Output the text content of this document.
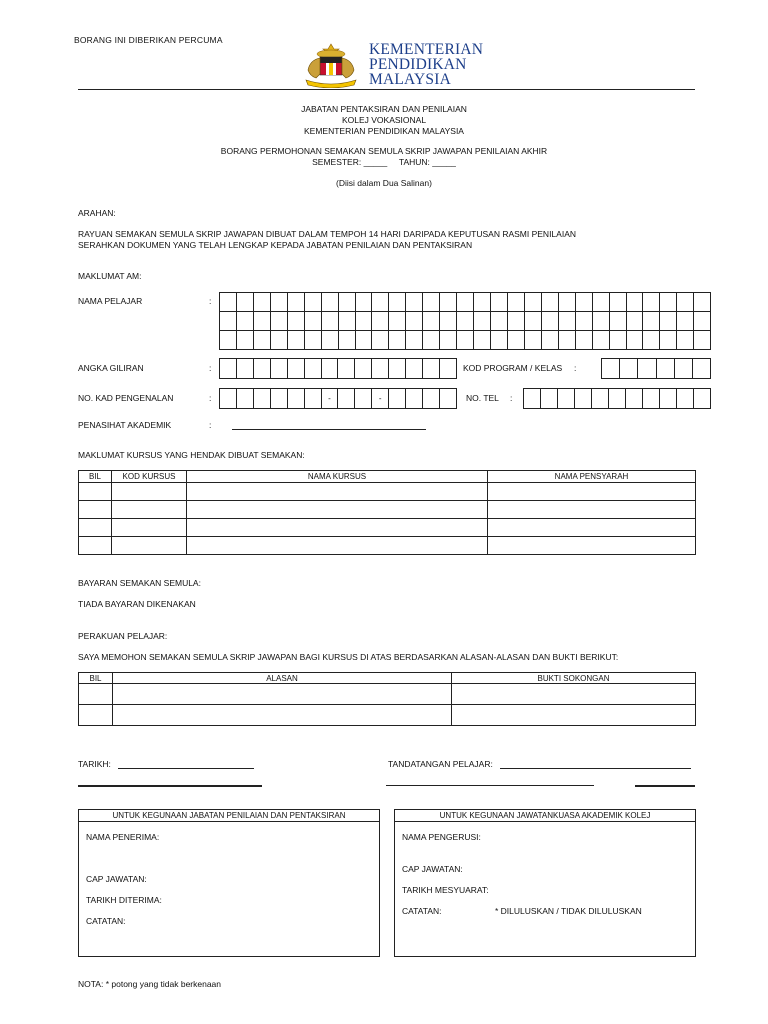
BORANG INI DIBERIKAN PERCUMA
KEMENTERIAN
PENDIDIKAN
MALAYSIA
JABATAN PENTAKSIRAN DAN PENILAIAN
KOLEJ VOKASIONAL
KEMENTERIAN PENDIDIKAN MALAYSIA
BORANG PERMOHONAN SEMAKAN SEMULA SKRIP JAWAPAN PENILAIAN AKHIR
SEMESTER: _____     TAHUN: _____
(Diisi dalam Dua Salinan)
ARAHAN:
RAYUAN SEMAKAN SEMULA SKRIP JAWAPAN DIBUAT DALAM TEMPOH 14 HARI DARIPADA KEPUTUSAN RASMI PENILAIAN
SERAHKAN DOKUMEN YANG TELAH LENGKAP KEPADA JABATAN PENILAIAN DAN PENTAKSIRAN
MAKLUMAT AM:
NAMA PELAJAR	:
ANGKA GILIRAN	:	KOD PROGRAM / KELAS :
NO. KAD PENGENALAN	:	-	-	NO. TEL :
PENASIHAT AKADEMIK	:
MAKLUMAT KURSUS YANG HENDAK DIBUAT SEMAKAN:
BIL	KOD KURSUS	NAMA KURSUS	NAMA PENSYARAH

BAYARAN SEMAKAN SEMULA:
TIADA BAYARAN DIKENAKAN
PERAKUAN PELAJAR:
SAYA MEMOHON SEMAKAN SEMULA SKRIP JAWAPAN BAGI KURSUS DI ATAS BERDASARKAN ALASAN-ALASAN DAN BUKTI BERIKUT:
BIL	ALASAN	BUKTI SOKONGAN

TARIKH:	TANDATANGAN PELAJAR:
UNTUK KEGUNAAN JABATAN PENILAIAN DAN PENTAKSIRAN
NAMA PENERIMA:
CAP JAWATAN:
TARIKH DITERIMA:
CATATAN:
UNTUK KEGUNAAN JAWATANKUASA AKADEMIK KOLEJ
NAMA PENGERUSI:
CAP JAWATAN:
TARIKH MESYUARAT:
CATATAN:	* DILULUSKAN / TIDAK DILULUSKAN
NOTA: * potong yang tidak berkenaan
